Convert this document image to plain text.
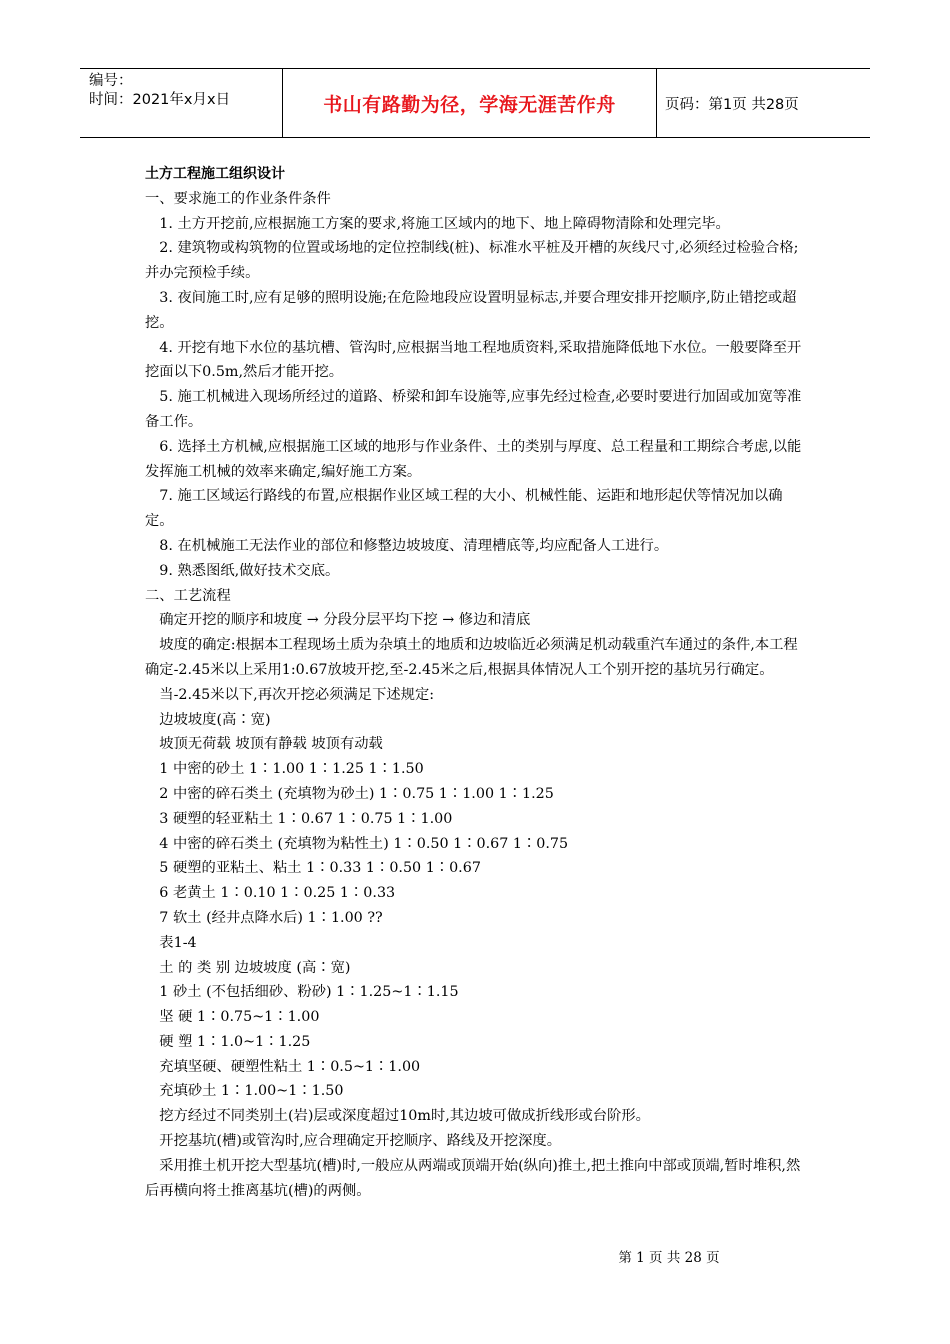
编号：
时间：2021年x月x日	书山有路勤为径，学海无涯苦作舟	页码：第1页 共28页

土方工程施工组织设计

一、要求施工的作业条件条件

1. 土方开挖前,应根据施工方案的要求,将施工区域内的地下、地上障碍物清除和处理完毕。

2. 建筑物或构筑物的位置或场地的定位控制线(桩)、标准水平桩及开槽的灰线尺寸,必须经过检验合格;并办完预检手续。

3. 夜间施工时,应有足够的照明设施;在危险地段应设置明显标志,并要合理安排开挖顺序,防止错挖或超挖。

4. 开挖有地下水位的基坑槽、管沟时,应根据当地工程地质资料,采取措施降低地下水位。一般要降至开挖面以下0.5m,然后才能开挖。

5. 施工机械进入现场所经过的道路、桥梁和卸车设施等,应事先经过检查,必要时要进行加固或加宽等准备工作。

6. 选择土方机械,应根据施工区域的地形与作业条件、土的类别与厚度、总工程量和工期综合考虑,以能发挥施工机械的效率来确定,编好施工方案。

7. 施工区域运行路线的布置,应根据作业区域工程的大小、机械性能、运距和地形起伏等情况加以确定。

8. 在机械施工无法作业的部位和修整边坡坡度、清理槽底等,均应配备人工进行。

9. 熟悉图纸,做好技术交底。

二、工艺流程

确定开挖的顺序和坡度 → 分段分层平均下挖 → 修边和清底

坡度的确定:根据本工程现场土质为杂填土的地质和边坡临近必须满足机动载重汽车通过的条件,本工程确定-2.45米以上采用1:0.67放坡开挖,至-2.45米之后,根据具体情况人工个别开挖的基坑另行确定。

当-2.45米以下,再次开挖必须满足下述规定:

边坡坡度(高∶宽)

坡顶无荷载 坡顶有静载 坡顶有动载

1 中密的砂土 1∶1.00 1∶1.25 1∶1.50

2 中密的碎石类土 (充填物为砂土) 1∶0.75 1∶1.00 1∶1.25

3 硬塑的轻亚粘土 1∶0.67 1∶0.75 1∶1.00

4 中密的碎石类土 (充填物为粘性土) 1∶0.50 1∶0.67 1∶0.75

5 硬塑的亚粘土、粘土 1∶0.33 1∶0.50 1∶0.67

6 老黄土 1∶0.10 1∶0.25 1∶0.33

7 软土 (经井点降水后) 1∶1.00 ??

表1-4

土 的 类 别 边坡坡度 (高∶宽)

1 砂土 (不包括细砂、粉砂) 1∶1.25~1∶1.15

坚 硬 1∶0.75~1∶1.00

硬 塑 1∶1.0~1∶1.25

充填坚硬、硬塑性粘土 1∶0.5~1∶1.00

充填砂土 1∶1.00~1∶1.50

挖方经过不同类别土(岩)层或深度超过10m时,其边坡可做成折线形或台阶形。

开挖基坑(槽)或管沟时,应合理确定开挖顺序、路线及开挖深度。

采用推土机开挖大型基坑(槽)时,一般应从两端或顶端开始(纵向)推土,把土推向中部或顶端,暂时堆积,然后再横向将土推离基坑(槽)的两侧。

第 1 页 共 28 页
